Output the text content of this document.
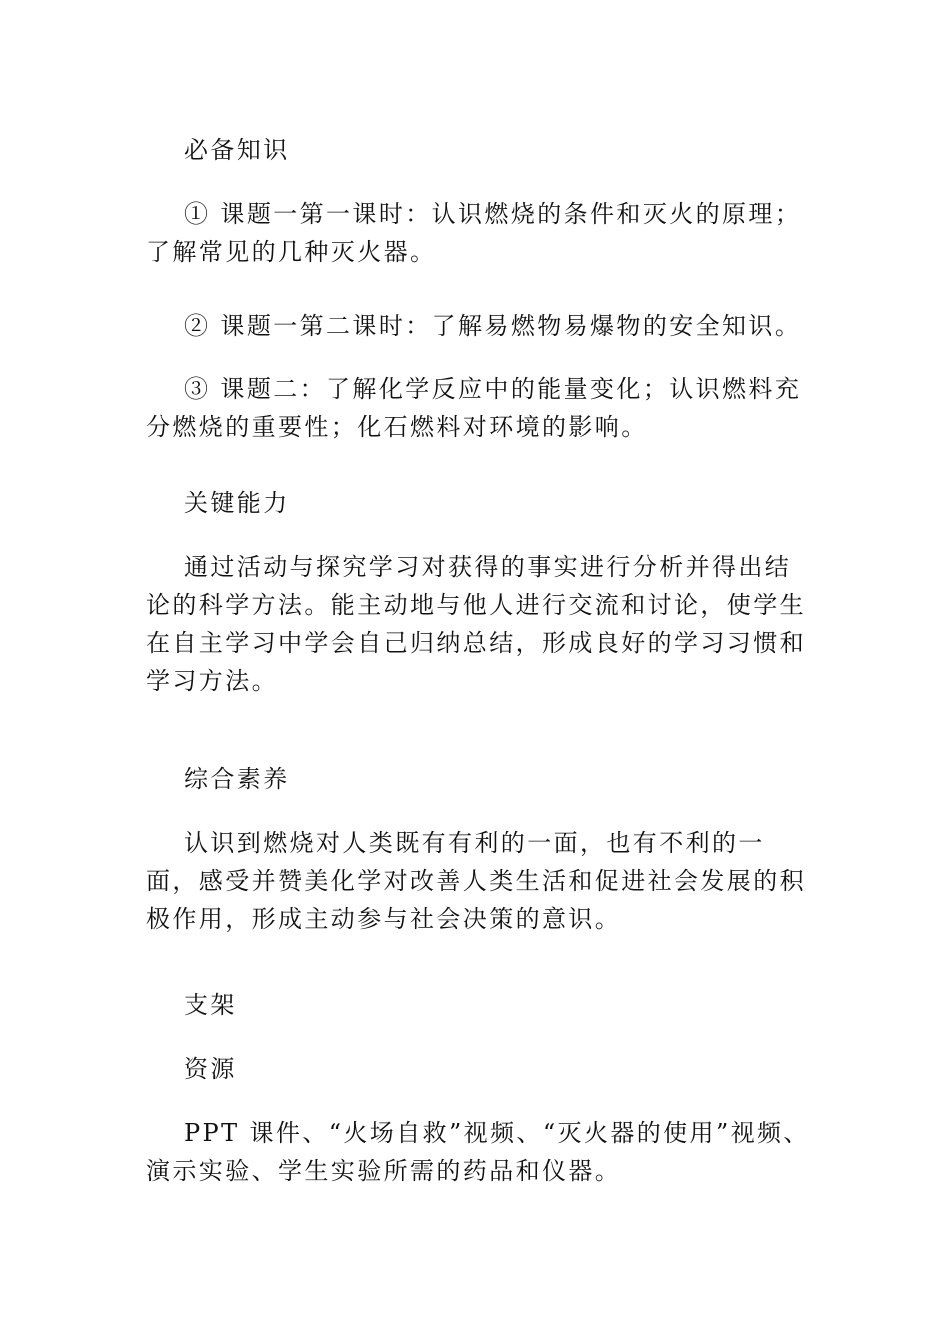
必备知识

① 课题一第一课时：认识燃烧的条件和灭火的原理；了解常见的几种灭火器。

② 课题一第二课时：了解易燃物易爆物的安全知识。

③ 课题二：了解化学反应中的能量变化；认识燃料充分燃烧的重要性；化石燃料对环境的影响。

关键能力

通过活动与探究学习对获得的事实进行分析并得出结论的科学方法。能主动地与他人进行交流和讨论，使学生在自主学习中学会自己归纳总结，形成良好的学习习惯和学习方法。

综合素养

认识到燃烧对人类既有有利的一面，也有不利的一面，感受并赞美化学对改善人类生活和促进社会发展的积极作用，形成主动参与社会决策的意识。

支架

资源

PPT 课件、“火场自救”视频、“灭火器的使用”视频、演示实验、学生实验所需的药品和仪器。
